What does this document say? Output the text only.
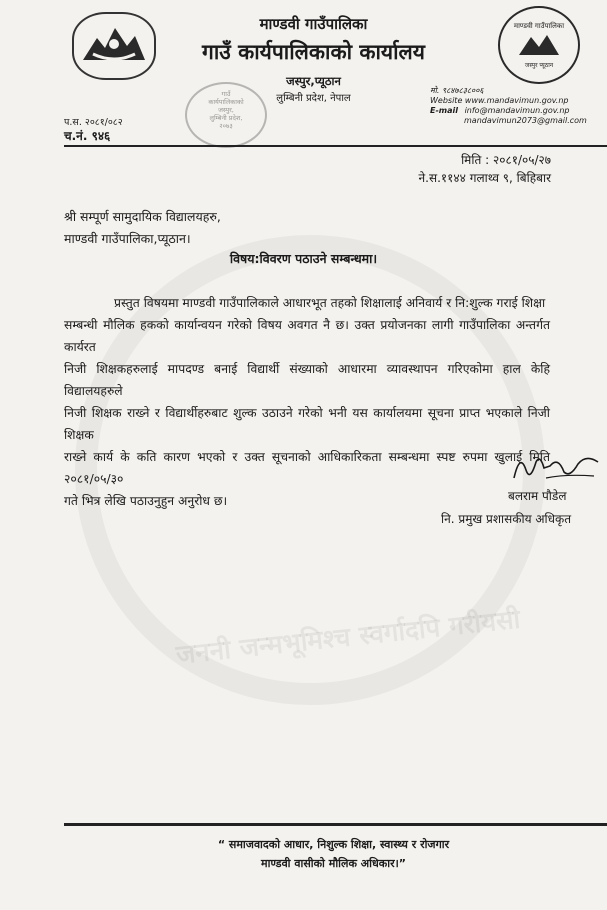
जननी जन्मभूमिश्च स्वर्गादपि गरीयसी
माण्डवी गाउँपालिका
गाउँ कार्यपालिकाको कार्यालय
जस्पुर,प्यूठान
लुम्बिनी प्रदेश, नेपाल
माण्डवी गाउँपालिका
जस्पुर प्यूठान
मो. ९८४७८३८००६
Website www.mandavimun.gov.np
E-mail info@mandavimun.gov.np
mandavimun2073@gmail.com
प.स. २०८१/०८२
च.नं. ९४६
गाउँ
कार्यपालिकाको
जस्पुर,
लुम्बिनी प्रदेश,
२०७३
मिति : २०८१/०५/२७
ने.स.११४४ गलाथ्व ९, बिहिबार
श्री सम्पूर्ण सामुदायिक विद्यालयहरु,
माण्डवी गाउँपालिका,प्यूठान।
विषय:विवरण पठाउने सम्बन्धमा।
प्रस्तुत विषयमा माण्डवी गाउँपालिकाले आधारभूत तहको शिक्षालाई अनिवार्य र नि:शुल्क गराई शिक्षा
सम्बन्धी मौलिक हकको कार्यान्वयन गरेको विषय अवगत नै छ। उक्त प्रयोजनका लागी गाउँपालिका अन्तर्गत कार्यरत
निजी शिक्षकहरुलाई मापदण्ड बनाई विद्यार्थी संख्याको आधारमा व्यावस्थापन गरिएकोमा हाल केहि विद्यालयहरुले
निजी शिक्षक राख्ने र विद्यार्थीहरुबाट शुल्क उठाउने गरेको भनी यस कार्यालयमा सूचना प्राप्त भएकाले निजी शिक्षक
राख्ने कार्य के कति कारण भएको र उक्त सूचनाको आधिकारिकता सम्बन्धमा स्पष्ट रुपमा खुलाई मिति २०८१/०५/३०
गते भित्र लेखि पठाउनुहुन अनुरोध छ।	बलराम पौडेल
नि. प्रमुख प्रशासकीय अधिकृत
“ समाजवादको आधार, निशुल्क शिक्षा, स्वास्थ्य र रोजगार
माण्डवी वासीको मौलिक अधिकार।”
